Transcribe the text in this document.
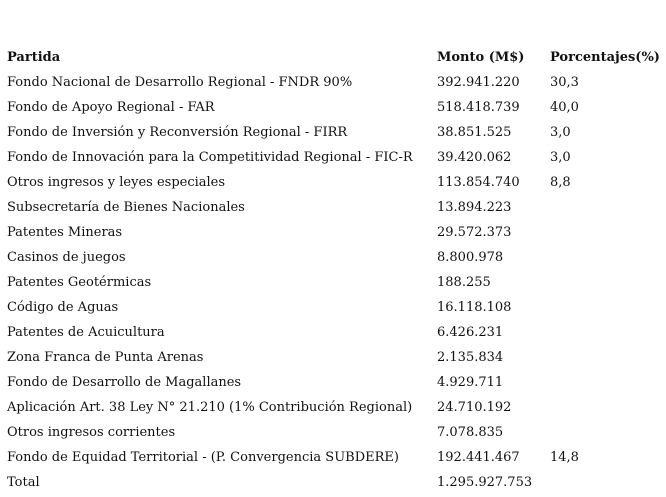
Partida	Monto (M$)	Porcentajes(%)
Fondo Nacional de Desarrollo Regional - FNDR 90%	392.941.220	30,3
Fondo de Apoyo Regional - FAR	518.418.739	40,0
Fondo de Inversión y Reconversión Regional - FIRR	38.851.525	3,0
Fondo de Innovación para la Competitividad Regional - FIC-R	39.420.062	3,0
Otros ingresos y leyes especiales	113.854.740	8,8
Subsecretaría de Bienes Nacionales	13.894.223	
Patentes Mineras	29.572.373	
Casinos de juegos	8.800.978	
Patentes Geotérmicas	188.255	
Código de Aguas	16.118.108	
Patentes de Acuicultura	6.426.231	
Zona Franca de Punta Arenas	2.135.834	
Fondo de Desarrollo de Magallanes	4.929.711	
Aplicación Art. 38 Ley N° 21.210 (1% Contribución Regional)	24.710.192	
Otros ingresos corrientes	7.078.835	
Fondo de Equidad Territorial - (P. Convergencia SUBDERE)	192.441.467	14,8
Total	1.295.927.753	
